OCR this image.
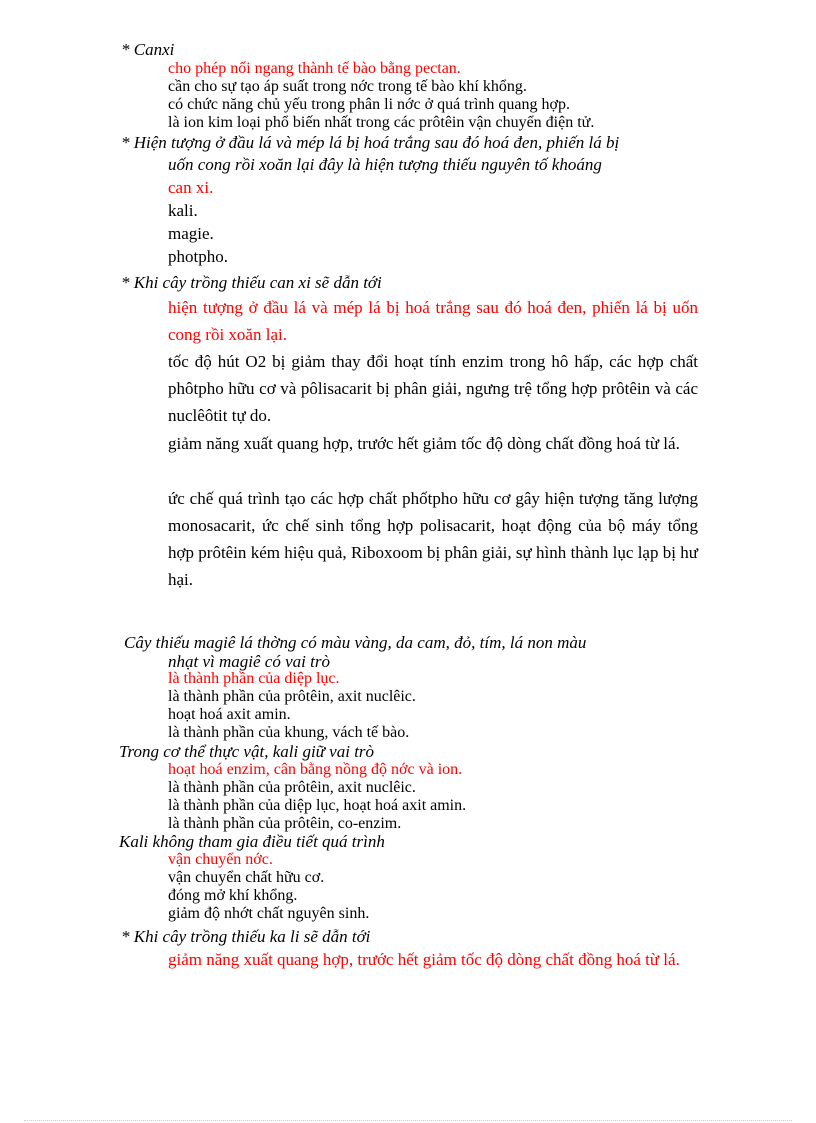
* Canxi

cho phép nối ngang thành tế bào bằng pectan.

cần cho sự tạo áp suất trong nớc trong tế bào khí khổng.

có chức năng chủ yếu trong phân li nớc ở quá trình quang hợp.

là ion kim loại phổ biến nhất trong các prôtêin vận chuyển điện tử.

* Hiện tượng ở đầu lá và mép lá bị hoá trắng sau đó hoá đen, phiến lá bị

uốn cong rồi xoăn lại đây là hiện tượng thiếu nguyên tố khoáng

can xi.

kali.

magie.

photpho.

* Khi cây trồng thiếu can xi sẽ dẫn tới

hiện tượng ở đầu lá và mép lá bị hoá trắng sau đó hoá đen, phiến lá bị uốn cong rồi xoăn lại.

tốc độ hút O2 bị giảm thay đổi hoạt tính enzim trong hô hấp, các hợp chất phôtpho hữu cơ và pôlisacarit bị phân giải, ngưng trệ tổng hợp prôtêin và các nuclêôtit tự do.

giảm năng xuất quang hợp, trước hết giảm tốc độ dòng chất đồng hoá từ lá.

ức chế quá trình tạo các hợp chất phốtpho hữu cơ gây hiện tượng tăng lượng monosacarit, ức chế sinh tổng hợp polisacarit, hoạt động của bộ máy tổng hợp prôtêin kém hiệu quả, Riboxoom bị phân giải, sự hình thành lục lạp bị hư hại.

Cây thiếu magiê lá thờng có màu vàng, da cam, đỏ, tím, lá non màu

nhạt vì magiê có vai trò

là thành phần của diệp lục.

là thành phần của prôtêin, axit nuclêic.

hoạt hoá axit amin.

là thành phần của khung, vách tế bào.

Trong cơ thể thực vật, kali giữ vai trò

hoạt hoá enzim, cân bằng nồng độ nớc và ion.

là thành phần của prôtêin, axit nuclêic.

là thành phần của diệp lục, hoạt hoá axit amin.

là thành phần của prôtêin, co-enzim.

Kali không tham gia điều tiết quá trình

vận chuyển nớc.

vận chuyển chất hữu cơ.

đóng mở khí khổng.

giảm độ nhớt chất nguyên sinh.

* Khi cây trồng thiếu ka li sẽ dẫn tới

giảm năng xuất quang hợp, trước hết giảm tốc độ dòng chất đồng hoá từ lá.
